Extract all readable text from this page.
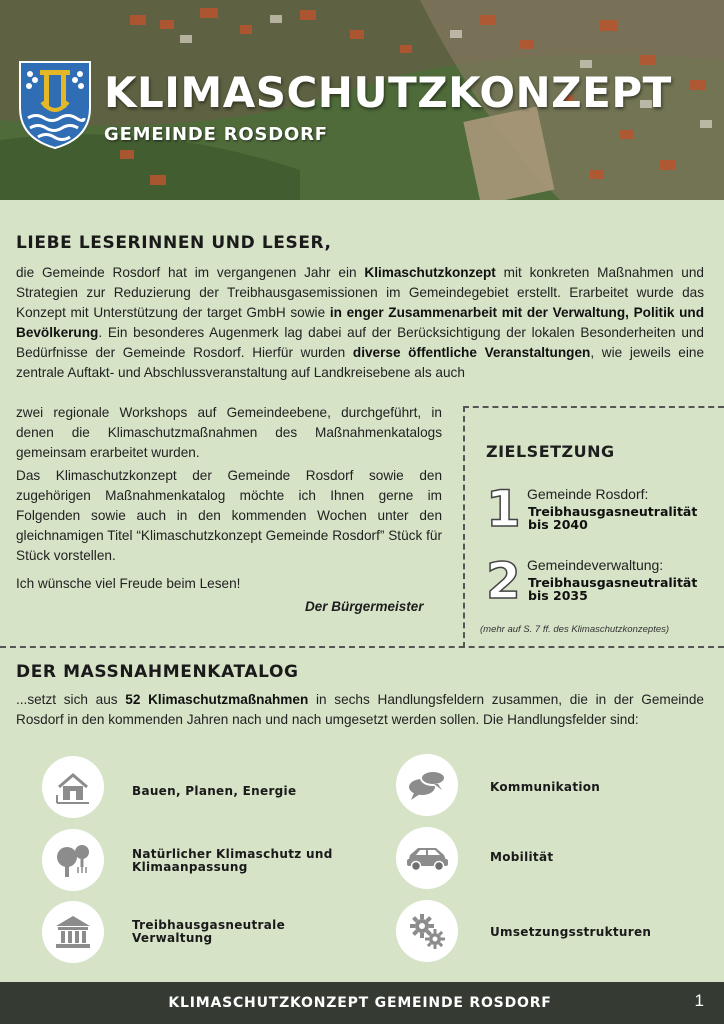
KLIMASCHUTZKONZEPT
GEMEINDE ROSDORF
LIEBE LESERINNEN UND LESER,
die Gemeinde Rosdorf hat im vergangenen Jahr ein Klimaschutzkonzept mit konkreten Maßnahmen und Strategien zur Reduzierung der Treibhausgasemissionen im Gemeindegebiet erstellt. Erarbeitet wurde das Konzept mit Unterstützung der target GmbH sowie in enger Zusammenarbeit mit der Verwaltung, Politik und Bevölkerung. Ein besonderes Augenmerk lag dabei auf der Berücksichtigung der lokalen Besonderheiten und Bedürfnisse der Gemeinde Rosdorf. Hierfür wurden diverse öffentliche Veranstaltungen, wie jeweils eine zentrale Auftakt- und Abschlussveranstaltung auf Landkreisebene als auch
zwei regionale Workshops auf Gemeindeebene, durchgeführt, in denen die Klimaschutzmaßnahmen des Maßnahmenkatalogs gemeinsam erarbeitet wurden.
Das Klimaschutzkonzept der Gemeinde Rosdorf sowie den zugehörigen Maßnahmenkatalog möchte ich Ihnen gerne im Folgenden sowie auch in den kommenden Wochen unter den gleichnamigen Titel “Klimaschutzkonzept Gemeinde Rosdorf” Stück für Stück vorstellen.
Ich wünsche viel Freude beim Lesen!
Der Bürgermeister
ZIELSETZUNG
1 Gemeinde Rosdorf:
Treibhausgasneutralität
bis 2040
2 Gemeindeverwaltung:
Treibhausgasneutralität
bis 2035
(mehr auf S. 7 ff. des Klimaschutzkonzeptes)
DER MASSNAHMENKATALOG
...setzt sich aus 52 Klimaschutzmaßnahmen in sechs Handlungsfeldern zusammen, die in der Gemeinde Rosdorf in den kommenden Jahren nach und nach umgesetzt werden sollen. Die Handlungsfelder sind:
Bauen, Planen, Energie	Kommunikation
Natürlicher Klimaschutz und
Klimaanpassung
Mobilität
Treibhausgasneutrale
Verwaltung	Umsetzungsstrukturen
KLIMASCHUTZKONZEPT GEMEINDE ROSDORF	1
